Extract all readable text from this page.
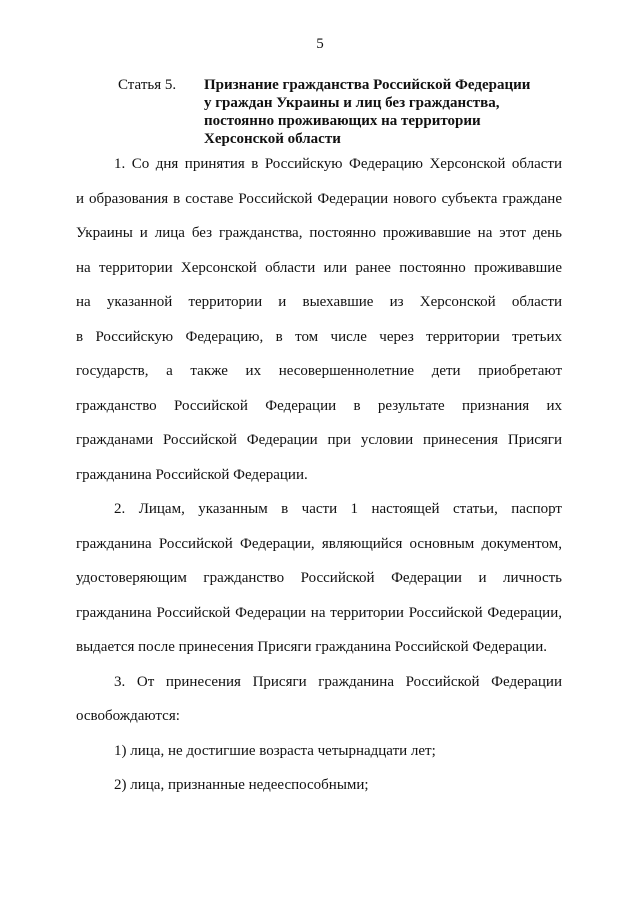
5
Статья 5.	Признание гражданства Российской Федерации
у граждан Украины и лиц без гражданства,
постоянно проживающих на территории
Херсонской области
1. Со дня принятия в Российскую Федерацию Херсонской области
и образования в составе Российской Федерации нового субъекта граждане
Украины и лица без гражданства, постоянно проживавшие на этот день
на территории Херсонской области или ранее постоянно проживавшие
на указанной территории и выехавшие из Херсонской области
в Российскую Федерацию, в том числе через территории третьих
государств, а также их несовершеннолетние дети приобретают
гражданство Российской Федерации в результате признания их
гражданами Российской Федерации при условии принесения Присяги
гражданина Российской Федерации.
2. Лицам, указанным в части 1 настоящей статьи, паспорт
гражданина Российской Федерации, являющийся основным документом,
удостоверяющим гражданство Российской Федерации и личность
гражданина Российской Федерации на территории Российской Федерации,
выдается после принесения Присяги гражданина Российской Федерации.
3. От принесения Присяги гражданина Российской Федерации
освобождаются:
1) лица, не достигшие возраста четырнадцати лет;
2) лица, признанные недееспособными;
